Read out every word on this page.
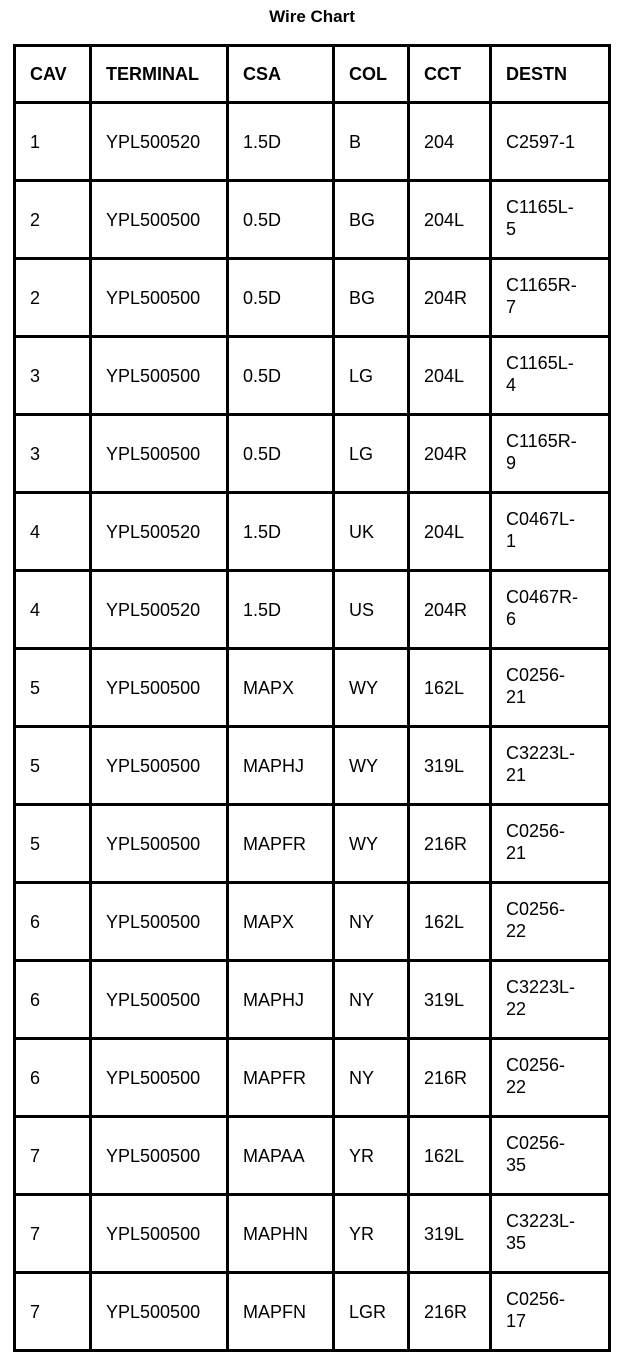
Wire Chart
CAV	TERMINAL	CSA	COL	CCT	DESTN
1	YPL500520	1.5D	B	204	C2597-1
2	YPL500500	0.5D	BG	204L	C1165L-
5
2	YPL500500	0.5D	BG	204R	C1165R-
7
3	YPL500500	0.5D	LG	204L	C1165L-
4
3	YPL500500	0.5D	LG	204R	C1165R-
9
4	YPL500520	1.5D	UK	204L	C0467L-
1
4	YPL500520	1.5D	US	204R	C0467R-
6
5	YPL500500	MAPX	WY	162L	C0256-
21
5	YPL500500	MAPHJ	WY	319L	C3223L-
21
5	YPL500500	MAPFR	WY	216R	C0256-
21
6	YPL500500	MAPX	NY	162L	C0256-
22
6	YPL500500	MAPHJ	NY	319L	C3223L-
22
6	YPL500500	MAPFR	NY	216R	C0256-
22
7	YPL500500	MAPAA	YR	162L	C0256-
35
7	YPL500500	MAPHN	YR	319L	C3223L-
35
7	YPL500500	MAPFN	LGR	216R	C0256-
17
